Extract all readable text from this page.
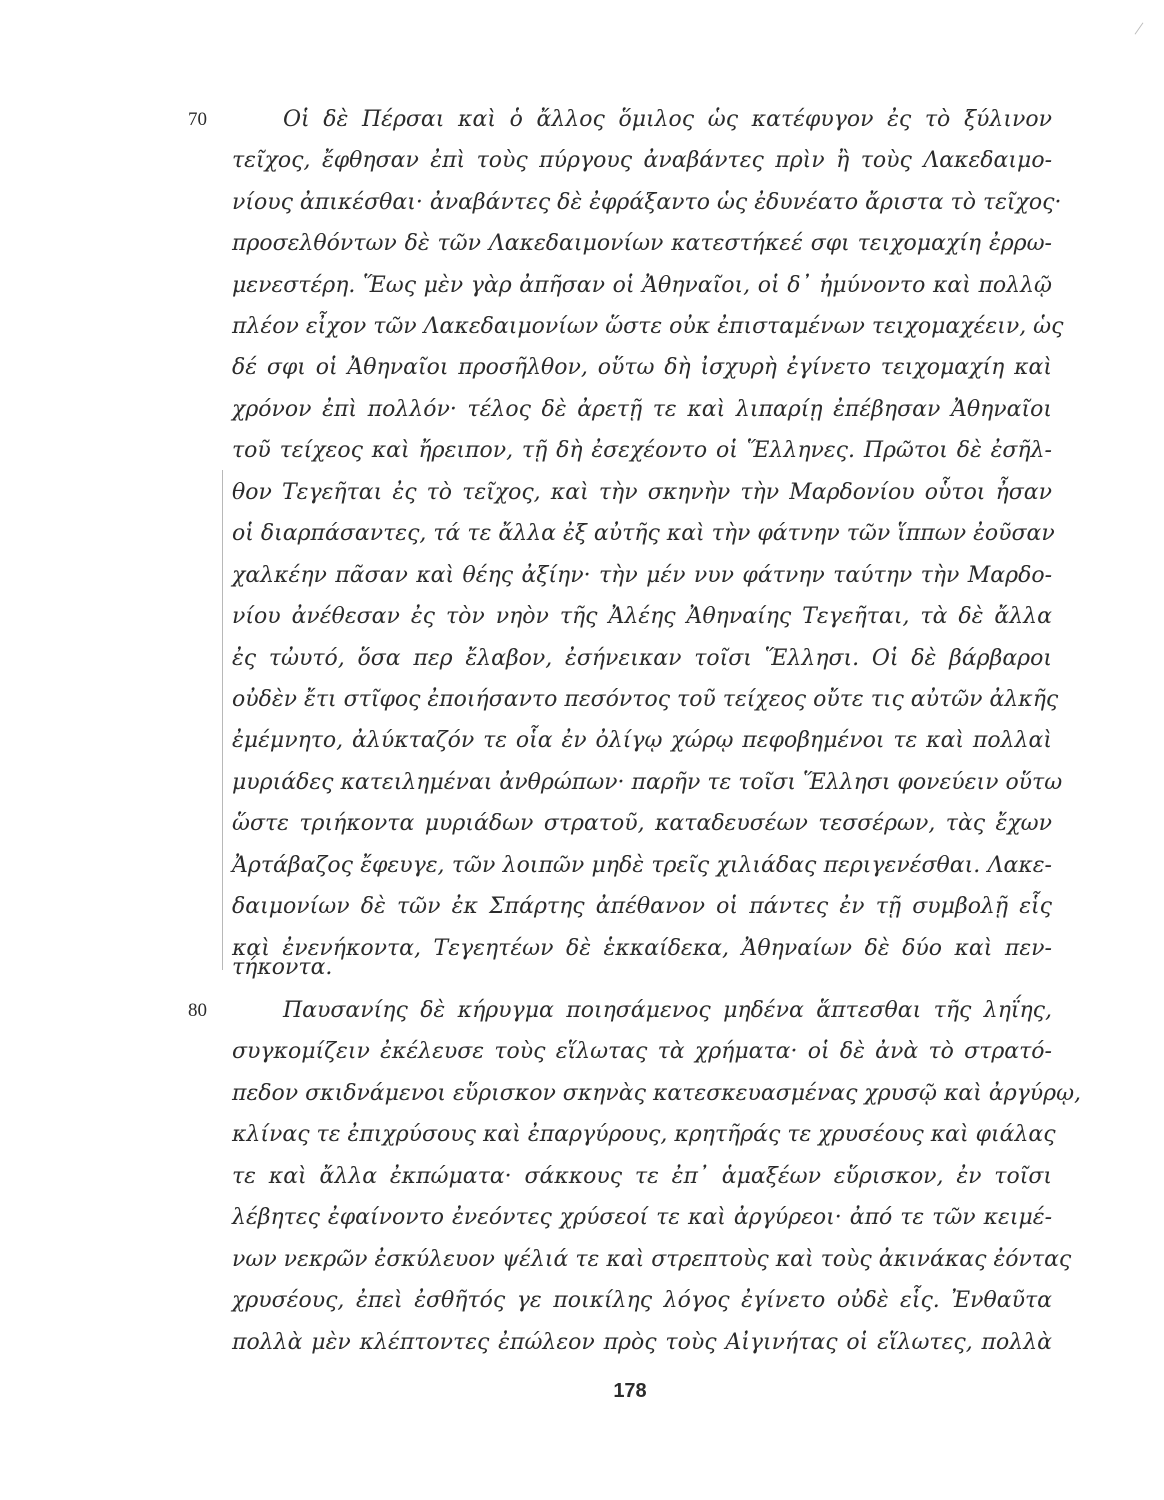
70
80
Οἱ δὲ Πέρσαι καὶ ὁ ἄλλος ὅμιλος ὡς κατέφυγον ἐς τὸ ξύλινον
τεῖχος, ἔφθησαν ἐπὶ τοὺς πύργους ἀναβάντες πρὶν ἢ τοὺς Λακεδαιμο-
νίους ἀπικέσθαι· ἀναβάντες δὲ ἐφράξαντο ὡς ἐδυνέατο ἄριστα τὸ τεῖχος·
προσελθόντων δὲ τῶν Λακεδαιμονίων κατεστήκεέ σφι τειχομαχίη ἐρρω-
μενεστέρη. Ἕως μὲν γὰρ ἀπῆσαν οἱ Ἀθηναῖοι, οἱ δ᾽ ἠμύνοντο καὶ πολλῷ
πλέον εἶχον τῶν Λακεδαιμονίων ὥστε οὐκ ἐπισταμένων τειχομαχέειν, ὡς
δέ σφι οἱ Ἀθηναῖοι προσῆλθον, οὕτω δὴ ἰσχυρὴ ἐγίνετο τειχομαχίη καὶ
χρόνον ἐπὶ πολλόν· τέλος δὲ ἀρετῇ τε καὶ λιπαρίῃ ἐπέβησαν Ἀθηναῖοι
τοῦ τείχεος καὶ ἤρειπον, τῇ δὴ ἐσεχέοντο οἱ Ἕλληνες. Πρῶτοι δὲ ἐσῆλ-
θον Τεγεῆται ἐς τὸ τεῖχος, καὶ τὴν σκηνὴν τὴν Μαρδονίου οὗτοι ἦσαν
οἱ διαρπάσαντες, τά τε ἄλλα ἐξ αὐτῆς καὶ τὴν φάτνην τῶν ἵππων ἐοῦσαν
χαλκέην πᾶσαν καὶ θέης ἀξίην· τὴν μέν νυν φάτνην ταύτην τὴν Μαρδο-
νίου ἀνέθεσαν ἐς τὸν νηὸν τῆς Ἀλέης Ἀθηναίης Τεγεῆται, τὰ δὲ ἄλλα
ἐς τὠυτό, ὅσα περ ἔλαβον, ἐσήνεικαν τοῖσι Ἕλλησι. Οἱ δὲ βάρβαροι
οὐδὲν ἔτι στῖφος ἐποιήσαντο πεσόντος τοῦ τείχεος οὔτε τις αὐτῶν ἀλκῆς
ἐμέμνητο, ἀλύκταζόν τε οἷα ἐν ὀλίγῳ χώρῳ πεφοβημένοι τε καὶ πολλαὶ
μυριάδες κατειλημέναι ἀνθρώπων· παρῆν τε τοῖσι Ἕλλησι φονεύειν οὕτω
ὥστε τριήκοντα μυριάδων στρατοῦ, καταδευσέων τεσσέρων, τὰς ἔχων
Ἀρτάβαζος ἔφευγε, τῶν λοιπῶν μηδὲ τρεῖς χιλιάδας περιγενέσθαι. Λακε-
δαιμονίων δὲ τῶν ἐκ Σπάρτης ἀπέθανον οἱ πάντες ἐν τῇ συμβολῇ εἷς
καὶ ἐνενήκοντα, Τεγεητέων δὲ ἑκκαίδεκα, Ἀθηναίων δὲ δύο καὶ πεν-
τήκοντα.
Παυσανίης δὲ κήρυγμα ποιησάμενος μηδένα ἅπτεσθαι τῆς ληΐης,
συγκομίζειν ἐκέλευσε τοὺς εἵλωτας τὰ χρήματα· οἱ δὲ ἀνὰ τὸ στρατό-
πεδον σκιδνάμενοι εὕρισκον σκηνὰς κατεσκευασμένας χρυσῷ καὶ ἀργύρῳ,
κλίνας τε ἐπιχρύσους καὶ ἐπαργύρους, κρητῆράς τε χρυσέους καὶ φιάλας
τε καὶ ἄλλα ἐκπώματα· σάκκους τε ἐπ᾽ ἁμαξέων εὕρισκον, ἐν τοῖσι
λέβητες ἐφαίνοντο ἐνεόντες χρύσεοί τε καὶ ἀργύρεοι· ἀπό τε τῶν κειμέ-
νων νεκρῶν ἐσκύλευον ψέλιά τε καὶ στρεπτοὺς καὶ τοὺς ἀκινάκας ἐόντας
χρυσέους, ἐπεὶ ἐσθῆτός γε ποικίλης λόγος ἐγίνετο οὐδὲ εἷς. Ἐνθαῦτα
πολλὰ μὲν κλέπτοντες ἐπώλεον πρὸς τοὺς Αἰγινήτας οἱ εἵλωτες, πολλὰ
178
